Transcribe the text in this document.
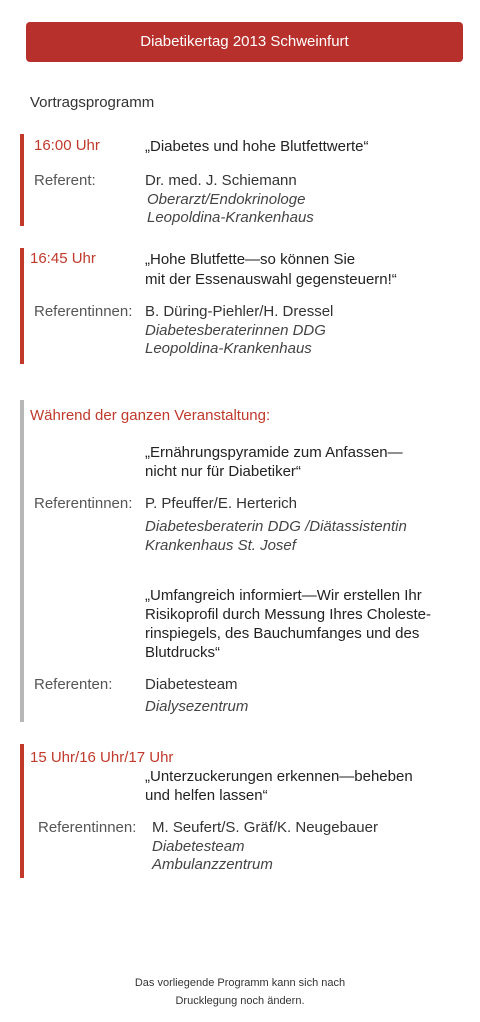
Diabetikertag 2013 Schweinfurt
Vortragsprogramm
16:00 Uhr	„Diabetes und hohe Blutfettwerte“
Referent:	Dr. med. J. Schiemann
Oberarzt/Endokrinologe
Leopoldina-Krankenhaus
16:45 Uhr	„Hohe Blutfette—so können Sie
mit der Essenauswahl gegensteuern!“
Referentinnen: B. Düring-Piehler/H. Dressel
Diabetesberaterinnen DDG
Leopoldina-Krankenhaus
Während der ganzen Veranstaltung:
„Ernährungspyramide zum Anfassen—
nicht nur für Diabetiker“
Referentinnen: P. Pfeuffer/E. Herterich
Diabetesberaterin DDG /Diätassistentin
Krankenhaus St. Josef
„Umfangreich informiert—Wir erstellen Ihr
Risikoprofil durch Messung Ihres Choleste-
rinspiegels, des Bauchumfanges und des
Blutdrucks“
Referenten: Diabetesteam
Dialysezentrum
15 Uhr/16 Uhr/17 Uhr
„Unterzuckerungen erkennen—beheben
und helfen lassen“
Referentinnen: M. Seufert/S. Gräf/K. Neugebauer
Diabetesteam
Ambulanzzentrum
Das vorliegende Programm kann sich nach
Drucklegung noch ändern.
